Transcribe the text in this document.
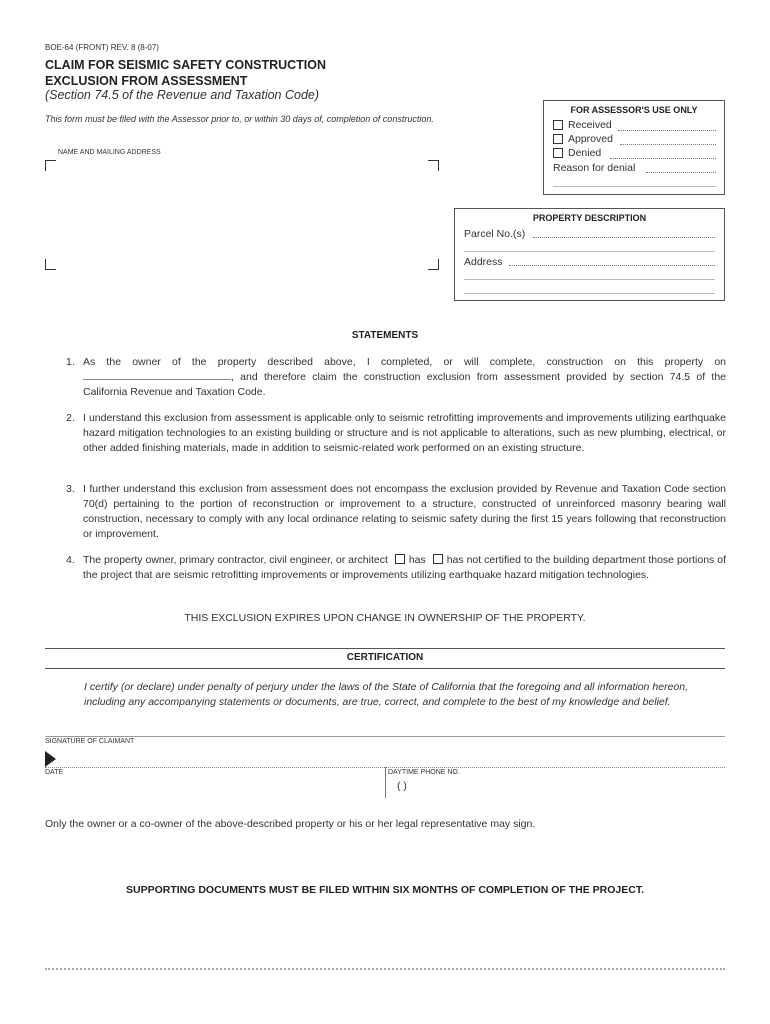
BOE-64 (FRONT) REV. 8 (8-07)
CLAIM FOR SEISMIC SAFETY CONSTRUCTION
EXCLUSION FROM ASSESSMENT
(Section 74.5 of the Revenue and Taxation Code)
This form must be filed with the Assessor prior to, or within 30 days of, completion of construction.
NAME AND MAILING ADDRESS
FOR ASSESSOR'S USE ONLY
Received
Approved
Denied
Reason for denial
PROPERTY DESCRIPTION
Parcel No.(s)
Address
STATEMENTS
1. As the owner of the property described above, I completed, or will complete, construction on this property on , and therefore claim the construction exclusion from assessment provided by section 74.5 of the California Revenue and Taxation Code.
2. I understand this exclusion from assessment is applicable only to seismic retrofitting improvements and improvements utilizing earthquake hazard mitigation technologies to an existing building or structure and is not applicable to alterations, such as new plumbing, electrical, or other added finishing materials, made in addition to seismic-related work performed on an existing structure.
3. I further understand this exclusion from assessment does not encompass the exclusion provided by Revenue and Taxation Code section 70(d) pertaining to the portion of reconstruction or improvement to a structure, constructed of unreinforced masonry bearing wall construction, necessary to comply with any local ordinance relating to seismic safety during the first 15 years following that reconstruction or improvement.
4. The property owner, primary contractor, civil engineer, or architect has has not certified to the building department those portions of the project that are seismic retrofitting improvements or improvements utilizing earthquake hazard mitigation technologies.
THIS EXCLUSION EXPIRES UPON CHANGE IN OWNERSHIP OF THE PROPERTY.
CERTIFICATION
I certify (or declare) under penalty of perjury under the laws of the State of California that the foregoing and all information hereon, including any accompanying statements or documents, are true, correct, and complete to the best of my knowledge and belief.
SIGNATURE OF CLAIMANT
DATE	DAYTIME PHONE NO.
( )
Only the owner or a co-owner of the above-described property or his or her legal representative may sign.
SUPPORTING DOCUMENTS MUST BE FILED WITHIN SIX MONTHS OF COMPLETION OF THE PROJECT.
